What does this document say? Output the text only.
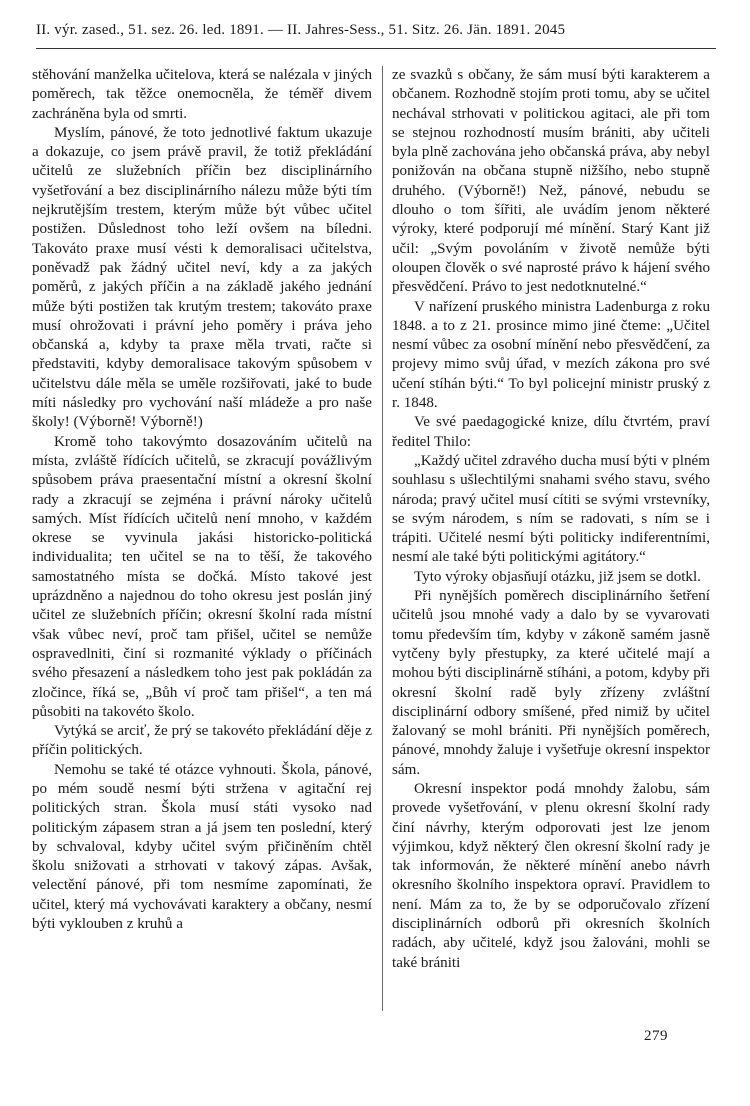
II. výr. zased., 51. sez. 26. led. 1891. — II. Jahres-Sess., 51. Sitz. 26. Jän. 1891. 2045

stěhování manželka učitelova, která se nalézala v jiných poměrech, tak těžce onemocněla, že téměř divem zachráněna byla od smrti.

Myslím, pánové, že toto jednotlivé faktum ukazuje a dokazuje, co jsem právě pravil, že totiž překládání učitelů ze služebních příčin bez disciplinárního vyšetřování a bez disciplinárního nálezu může býti tím nejkrutějším trestem, kterým může být vůbec učitel postižen. Důslednost toho leží ovšem na bíledni. Takováto praxe musí vésti k demoralisaci učitelstva, poněvadž pak žádný učitel neví, kdy a za jakých poměrů, z jakých příčin a na základě jakého jednání může býti postižen tak krutým trestem; takováto praxe musí ohrožovati i právní jeho poměry i práva jeho občanská a, kdyby ta praxe měla trvati, račte si představiti, kdyby demoralisace takovým spůsobem v učitelstvu dále měla se uměle rozšiřovati, jaké to bude míti následky pro vychování naší mládeže a pro naše školy! (Výborně! Výborně!)

Kromě toho takovýmto dosazováním učitelů na místa, zvláště řídících učitelů, se zkracují povážlivým spůsobem práva praesentační místní a okresní školní rady a zkracují se zejména i právní nároky učitelů samých. Míst řídících učitelů není mnoho, v každém okrese se vyvinula jakási historicko-politická individualita; ten učitel se na to těší, že takového samostatného místa se dočká. Místo takové jest uprázdněno a najednou do toho okresu jest poslán jiný učitel ze služebních příčin; okresní školní rada místní však vůbec neví, proč tam přišel, učitel se nemůže ospravedlniti, činí si rozmanité výklady o příčinách svého přesazení a následkem toho jest pak pokládán za zločince, říká se, „Bůh ví proč tam přišel“, a ten má působiti na takovéto školo.

Vytýká se arciť, že prý se takovéto překládání děje z příčin politických.

Nemohu se také té otázce vyhnouti. Škola, pánové, po mém soudě nesmí býti stržena v agitační rej politických stran. Škola musí státi vysoko nad politickým zápasem stran a já jsem ten poslední, který by schvaloval, kdyby učitel svým přičiněním chtěl školu snižovati a strhovati v takový zápas. Avšak, velectění pánové, při tom nesmíme zapomínati, že učitel, který má vychovávati karaktery a občany, nesmí býti vyklouben z kruhů a

ze svazků s občany, že sám musí býti karakterem a občanem. Rozhodně stojím proti tomu, aby se učitel nechával strhovati v politickou agitaci, ale při tom se stejnou rozhodností musím brániti, aby učiteli byla plně zachována jeho občanská práva, aby nebyl ponižován na občana stupně nižšího, nebo stupně druhého. (Výborně!) Než, pánové, nebudu se dlouho o tom šířiti, ale uvádím jenom některé výroky, které podporují mé mínění. Starý Kant již učil: „Svým povoláním v životě nemůže býti oloupen člověk o své naprosté právo k hájení svého přesvědčení. Právo to jest nedotknutelné.“

V nařízení pruského ministra Ladenburga z roku 1848. a to z 21. prosince mimo jiné čteme: „Učitel nesmí vůbec za osobní mínění nebo přesvědčení, za projevy mimo svůj úřad, v mezích zákona pro své učení stíhán býti.“ To byl policejní ministr pruský z r. 1848.

Ve své paedagogické knize, dílu čtvrtém, praví ředitel Thilo:

„Každý učitel zdravého ducha musí býti v plném souhlasu s ušlechtilými snahami svého stavu, svého národa; pravý učitel musí cítiti se svými vrstevníky, se svým národem, s ním se radovati, s ním se i trápiti. Učitelé nesmí býti politicky indiferentními, nesmí ale také býti politickými agitátory.“

Tyto výroky objasňují otázku, již jsem se dotkl.

Při nynějších poměrech disciplinárního šetření učitelů jsou mnohé vady a dalo by se vyvarovati tomu především tím, kdyby v zákoně samém jasně vytčeny byly přestupky, za které učitelé mají a mohou býti disciplinárně stíháni, a potom, kdyby při okresní školní radě byly zřízeny zvláštní disciplinární odbory smíšené, před nimiž by učitel žalovaný se mohl brániti. Při nynějších poměrech, pánové, mnohdy žaluje i vyšetřuje okresní inspektor sám.

Okresní inspektor podá mnohdy žalobu, sám provede vyšetřování, v plenu okresní školní rady činí návrhy, kterým odporovati jest lze jenom výjimkou, když některý člen okresní školní rady je tak informován, že některé mínění anebo návrh okresního školního inspektora opraví. Pravidlem to není. Mám za to, že by se odporučovalo zřízení disciplinárních odborů při okresních školních radách, aby učitelé, když jsou žalováni, mohli se také brániti

279
